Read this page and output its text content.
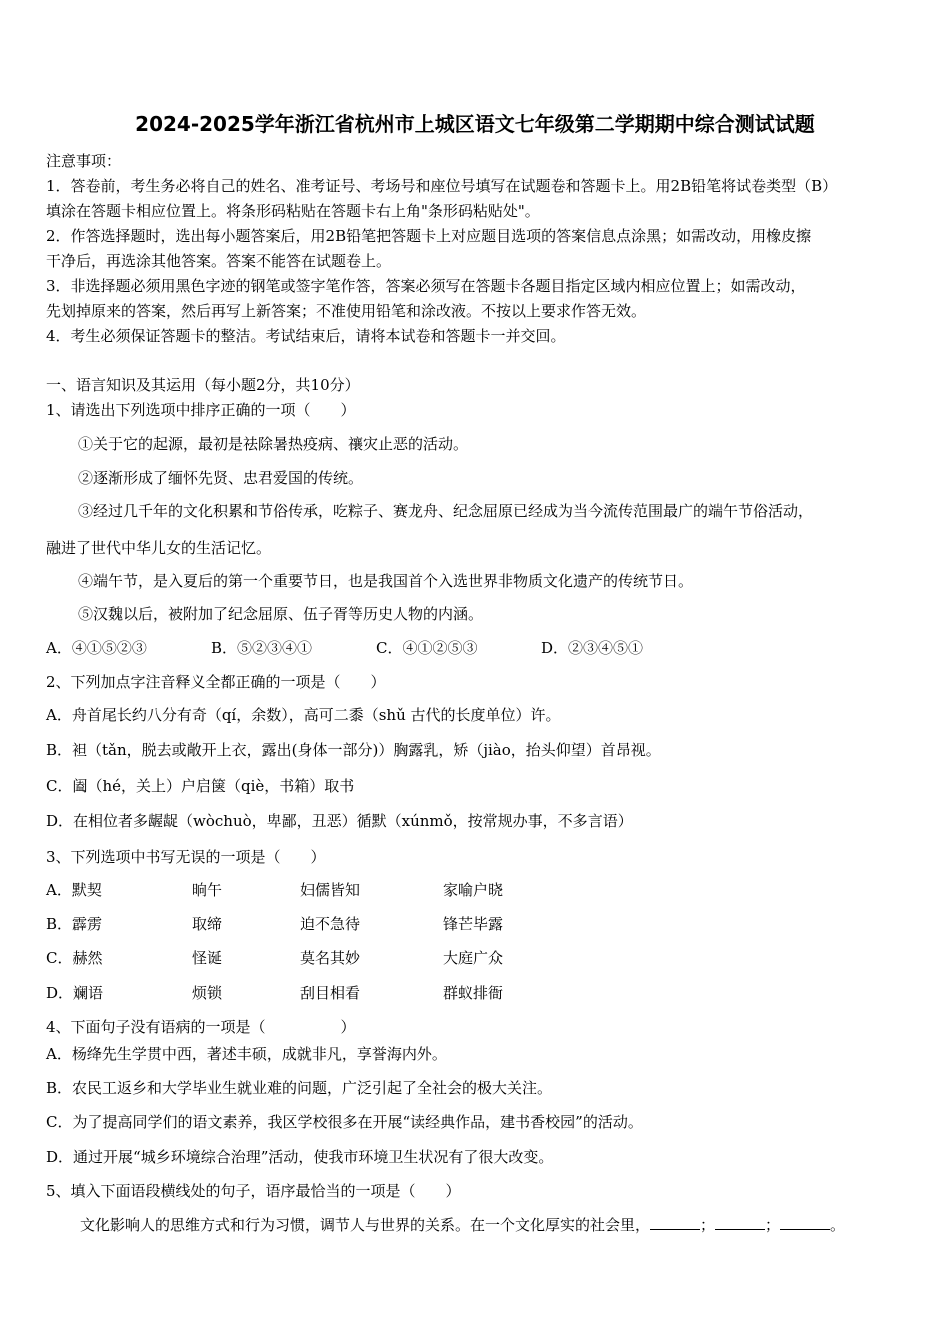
2024-2025学年浙江省杭州市上城区语文七年级第二学期期中综合测试试题
注意事项：
1．答卷前，考生务必将自己的姓名、准考证号、考场号和座位号填写在试题卷和答题卡上。用2B铅笔将试卷类型（B）
填涂在答题卡相应位置上。将条形码粘贴在答题卡右上角"条形码粘贴处"。
2．作答选择题时，选出每小题答案后，用2B铅笔把答题卡上对应题目选项的答案信息点涂黑；如需改动，用橡皮擦
干净后，再选涂其他答案。答案不能答在试题卷上。
3．非选择题必须用黑色字迹的钢笔或签字笔作答，答案必须写在答题卡各题目指定区域内相应位置上；如需改动，
先划掉原来的答案，然后再写上新答案；不准使用铅笔和涂改液。不按以上要求作答无效。
4．考生必须保证答题卡的整洁。考试结束后，请将本试卷和答题卡一并交回。
一、语言知识及其运用（每小题2分，共10分）
1、请选出下列选项中排序正确的一项（　　）
①关于它的起源，最初是祛除暑热疫病、禳灾止恶的活动。
②逐渐形成了缅怀先贤、忠君爱国的传统。
③经过几千年的文化积累和节俗传承，吃粽子、赛龙舟、纪念屈原已经成为当今流传范围最广的端午节俗活动，
融进了世代中华儿女的生活记忆。
④端午节，是入夏后的第一个重要节日，也是我国首个入选世界非物质文化遗产的传统节日。
⑤汉魏以后，被附加了纪念屈原、伍子胥等历史人物的内涵。
A．④①⑤②③	B．⑤②③④①	C．④①②⑤③	D．②③④⑤①
2、下列加点字注音释义全都正确的一项是（　　）
A．舟首尾长约八分有奇（qí，余数），高可二黍（shǔ 古代的长度单位）许。
B．袒（tǎn，脱去或敞开上衣，露出(身体一部分)）胸露乳，矫（jiào，抬头仰望）首昂视。
C．阖（hé，关上）户启箧（qiè，书箱）取书
D．在相位者多龌龊（wòchuò，卑鄙，丑恶）循默（xúnmǒ，按常规办事，不多言语）
3、下列选项中书写无误的一项是（　　）
A．默契	晌午	妇儒皆知	家喻户晓
B．霹雳	取缔	迫不急待	锋芒毕露
C．赫然	怪诞	莫名其妙	大庭广众
D．斓语	烦锁	刮目相看	群蚁排衙
4、下面句子没有语病的一项是（　　　　　）
A．杨绛先生学贯中西，著述丰硕，成就非凡，享誉海内外。
B．农民工返乡和大学毕业生就业难的问题，广泛引起了全社会的极大关注。
C．为了提高同学们的语文素养，我区学校很多在开展“读经典作品，建书香校园”的活动。
D．通过开展“城乡环境综合治理”活动，使我市环境卫生状况有了很大改变。
5、填入下面语段横线处的句子，语序最恰当的一项是（　　）
文化影响人的思维方式和行为习惯，调节人与世界的关系。在一个文化厚实的社会里，	；	；	。
